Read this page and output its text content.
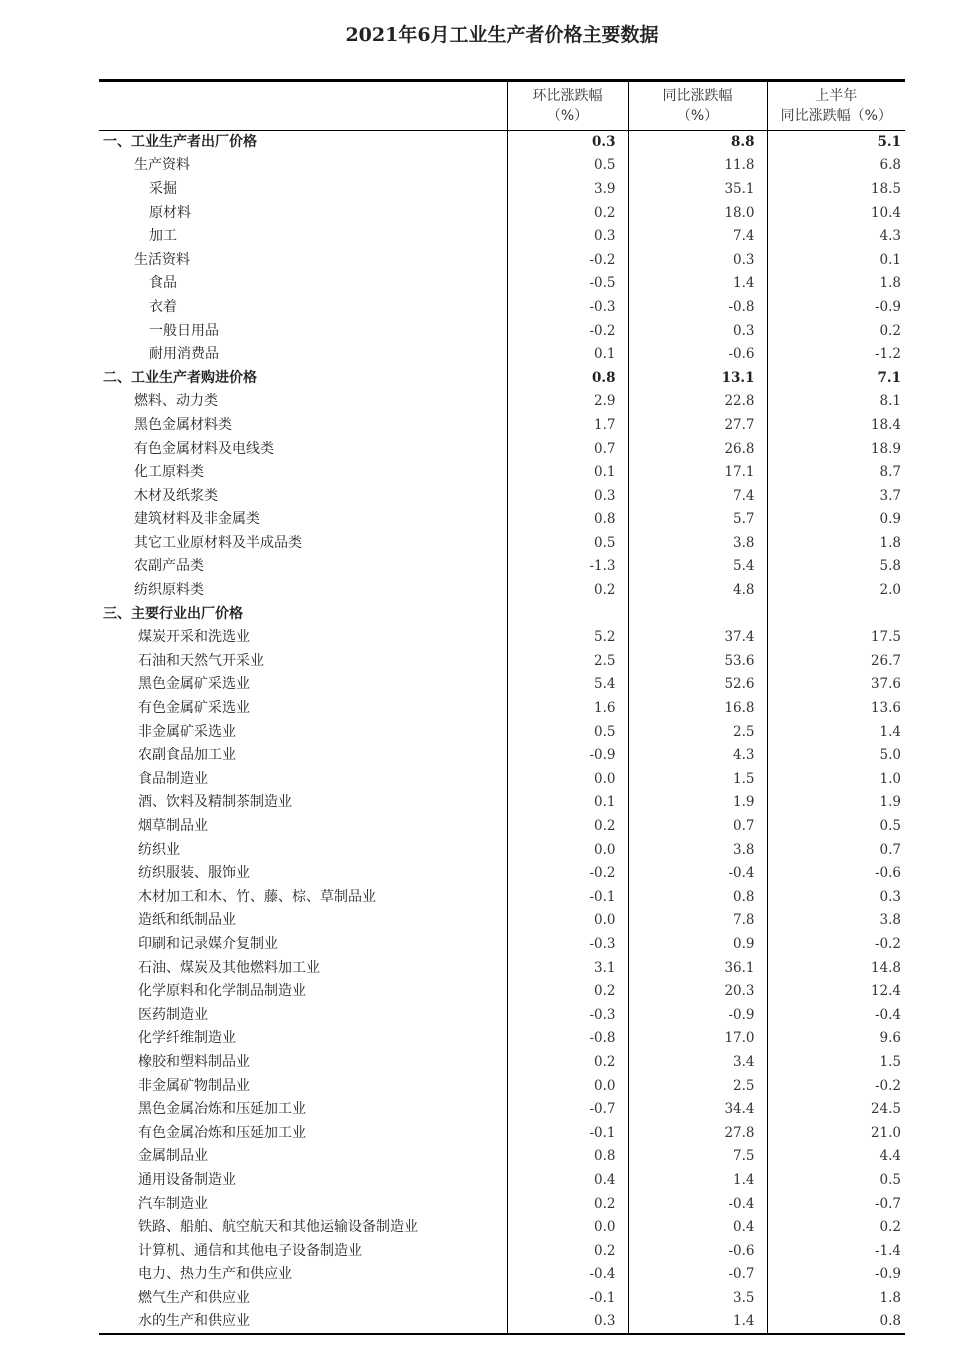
2021年6月工业生产者价格主要数据

环比涨跌幅
（%）

同比涨跌幅
（%）

上半年
同比涨跌幅（%）

一、工业生产者出厂价格	0.3	8.8	5.1
生产资料	0.5	11.8	6.8
采掘	3.9	35.1	18.5
原材料	0.2	18.0	10.4
加工	0.3	7.4	4.3
生活资料	-0.2	0.3	0.1
食品	-0.5	1.4	1.8
衣着	-0.3	-0.8	-0.9
一般日用品	-0.2	0.3	0.2
耐用消费品	0.1	-0.6	-1.2
二、工业生产者购进价格	0.8	13.1	7.1
燃料、动力类	2.9	22.8	8.1
黑色金属材料类	1.7	27.7	18.4
有色金属材料及电线类	0.7	26.8	18.9
化工原料类	0.1	17.1	8.7
木材及纸浆类	0.3	7.4	3.7
建筑材料及非金属类	0.8	5.7	0.9
其它工业原材料及半成品类	0.5	3.8	1.8
农副产品类	-1.3	5.4	5.8
纺织原料类	0.2	4.8	2.0
三、主要行业出厂价格			
煤炭开采和洗选业	5.2	37.4	17.5
石油和天然气开采业	2.5	53.6	26.7
黑色金属矿采选业	5.4	52.6	37.6
有色金属矿采选业	1.6	16.8	13.6
非金属矿采选业	0.5	2.5	1.4
农副食品加工业	-0.9	4.3	5.0
食品制造业	0.0	1.5	1.0
酒、饮料及精制茶制造业	0.1	1.9	1.9
烟草制品业	0.2	0.7	0.5
纺织业	0.0	3.8	0.7
纺织服装、服饰业	-0.2	-0.4	-0.6
木材加工和木、竹、藤、棕、草制品业	-0.1	0.8	0.3
造纸和纸制品业	0.0	7.8	3.8
印刷和记录媒介复制业	-0.3	0.9	-0.2
石油、煤炭及其他燃料加工业	3.1	36.1	14.8
化学原料和化学制品制造业	0.2	20.3	12.4
医药制造业	-0.3	-0.9	-0.4
化学纤维制造业	-0.8	17.0	9.6
橡胶和塑料制品业	0.2	3.4	1.5
非金属矿物制品业	0.0	2.5	-0.2
黑色金属冶炼和压延加工业	-0.7	34.4	24.5
有色金属冶炼和压延加工业	-0.1	27.8	21.0
金属制品业	0.8	7.5	4.4
通用设备制造业	0.4	1.4	0.5
汽车制造业	0.2	-0.4	-0.7
铁路、船舶、航空航天和其他运输设备制造业	0.0	0.4	0.2
计算机、通信和其他电子设备制造业	0.2	-0.6	-1.4
电力、热力生产和供应业	-0.4	-0.7	-0.9
燃气生产和供应业	-0.1	3.5	1.8
水的生产和供应业	0.3	1.4	0.8
